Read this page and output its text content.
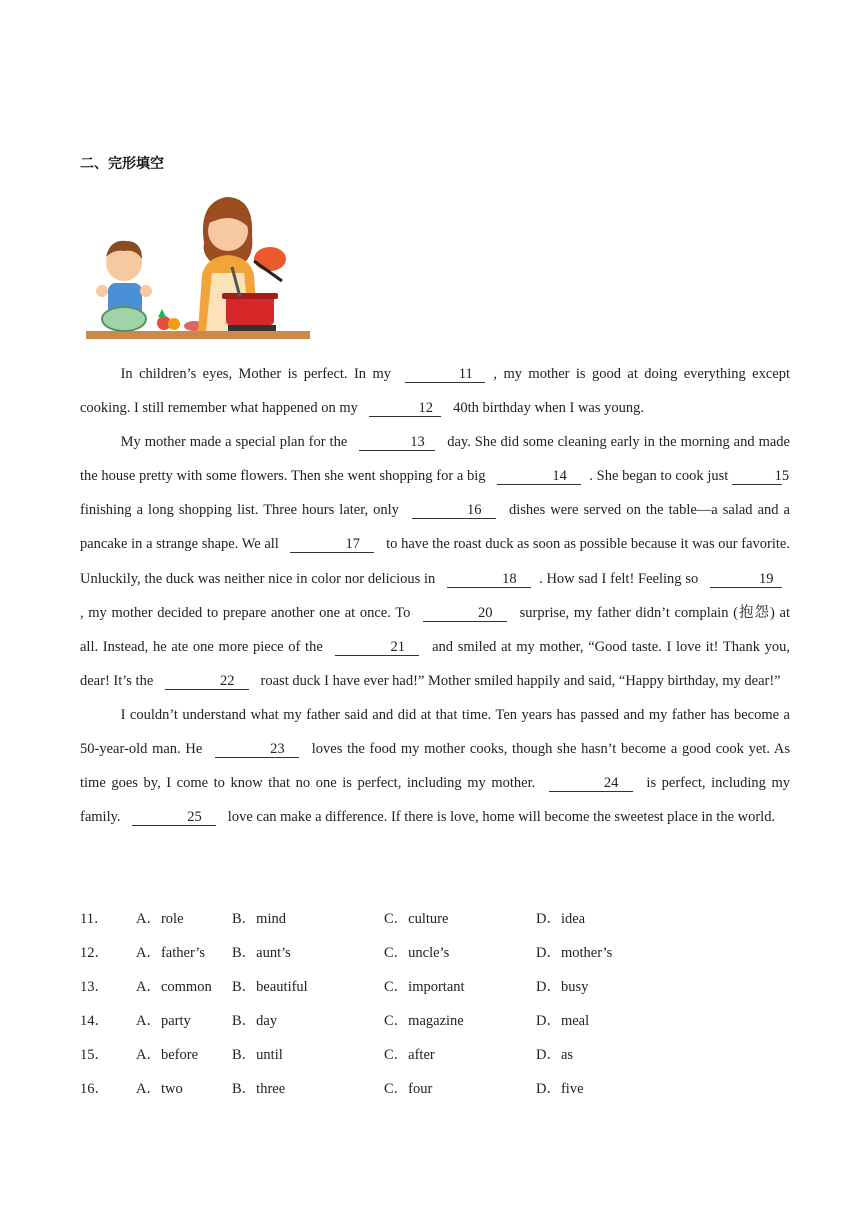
二、完形填空

In children’s eyes, Mother is perfect. In my	11 , my mother is good at doing everything except cooking. I still remember what happened on my	12 40th birthday when I was young.

My mother made a special plan for the	13 day. She did some cleaning early in the morning and made the house pretty with some flowers. Then she went shopping for a big	14 . She began to cook just	15 finishing a long shopping list. Three hours later, only	16 dishes were served on the table—a salad and a pancake in a strange shape. We all	17 to have the roast duck as soon as possible because it was our favorite. Unluckily, the duck was neither nice in color nor delicious in	18 . How sad I felt! Feeling so	19, my mother decided to prepare another one at once. To	20 surprise, my father didn’t complain (抱怨) at all. Instead, he ate one more piece of the	21 and smiled at my mother, “Good taste. I love it! Thank you, dear! It’s the	22 roast duck I have ever had!” Mother smiled happily and said, “Happy birthday, my dear!”

I couldn’t understand what my father said and did at that time. Ten years has passed and my father has become a 50-year-old man. He	23 loves the food my mother cooks, though she hasn’t become a good cook yet. As time goes by, I come to know that no one is perfect, including my mother.	24 is perfect, including my family.	25 love can make a difference. If there is love, home will become the sweetest place in the world.

11．	A．role	B．mind	C．culture	D．idea
12．	A．father’s	B．aunt’s	C．uncle’s	D．mother’s
13．	A．common	B．beautiful	C．important	D．busy
14．	A．party	B．day	C．magazine	D．meal
15．	A．before	B．until	C．after	D．as
16．	A．two	B．three	C．four	D．five
